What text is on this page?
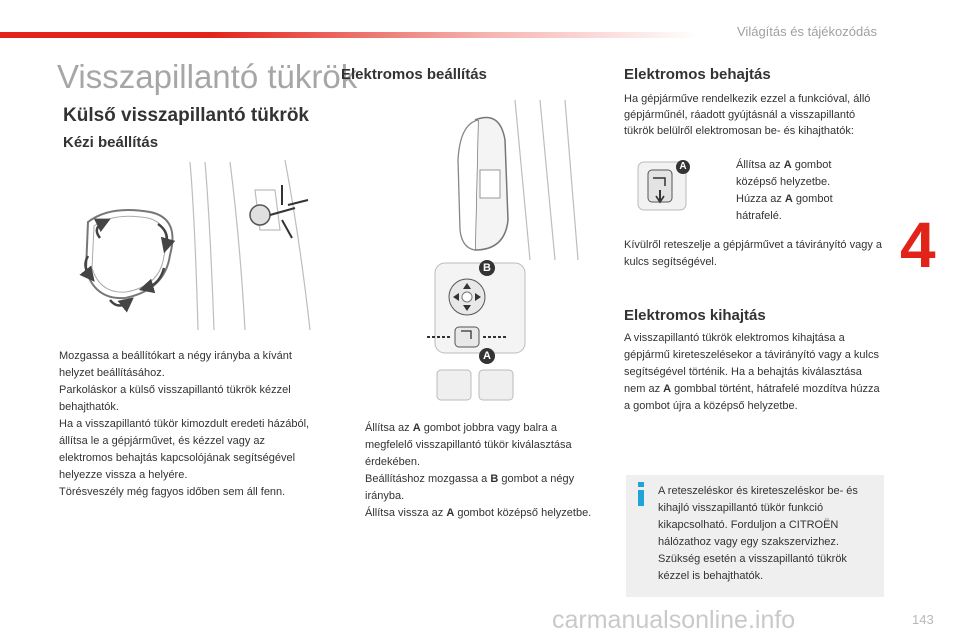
Világítás és tájékozódás
4
Visszapillantó tükrök
Külső visszapillantó tükrök
Kézi beállítás
Mozgassa a beállítókart a négy irányba a kívánt helyzet beállításához.
Parkoláskor a külső visszapillantó tükrök kézzel behajthatók.
Ha a visszapillantó tükör kimozdult eredeti házából, állítsa le a gépjárművet, és kézzel vagy az elektromos behajtás kapcsolójának segítségével helyezze vissza a helyére.
Törésveszély még fagyos időben sem áll fenn.
Elektromos beállítás
B
A
Állítsa az A gombot jobbra vagy balra a megfelelő visszapillantó tükör kiválasztása érdekében.
Beállításhoz mozgassa a B gombot a négy irányba.
Állítsa vissza az A gombot középső helyzetbe.
Elektromos behajtás
Ha gépjárműve rendelkezik ezzel a funkcióval, álló gépjárműnél, ráadott gyújtásnál a visszapillantó tükrök belülről elektromosan be- és kihajthatók:
A	Állítsa az A gombot középső helyzetbe.
Húzza az A gombot hátrafelé.
Kívülről reteszelje a gépjárművet a távirányító vagy a kulcs segítségével.
Elektromos kihajtás
A visszapillantó tükrök elektromos kihajtása a gépjármű kireteszelésekor a távirányító vagy a kulcs segítségével történik. Ha a behajtás kiválasztása nem az A gombbal történt, hátrafelé mozdítva húzza a gombot újra a középső helyzetbe.
A reteszeléskor és kireteszeléskor be- és kihajló visszapillantó tükör funkció kikapcsolható. Forduljon a CITROËN hálózathoz vagy egy szakszervizhez. Szükség esetén a visszapillantó tükrök kézzel is behajthatók.
carmanualsonline.info	143
